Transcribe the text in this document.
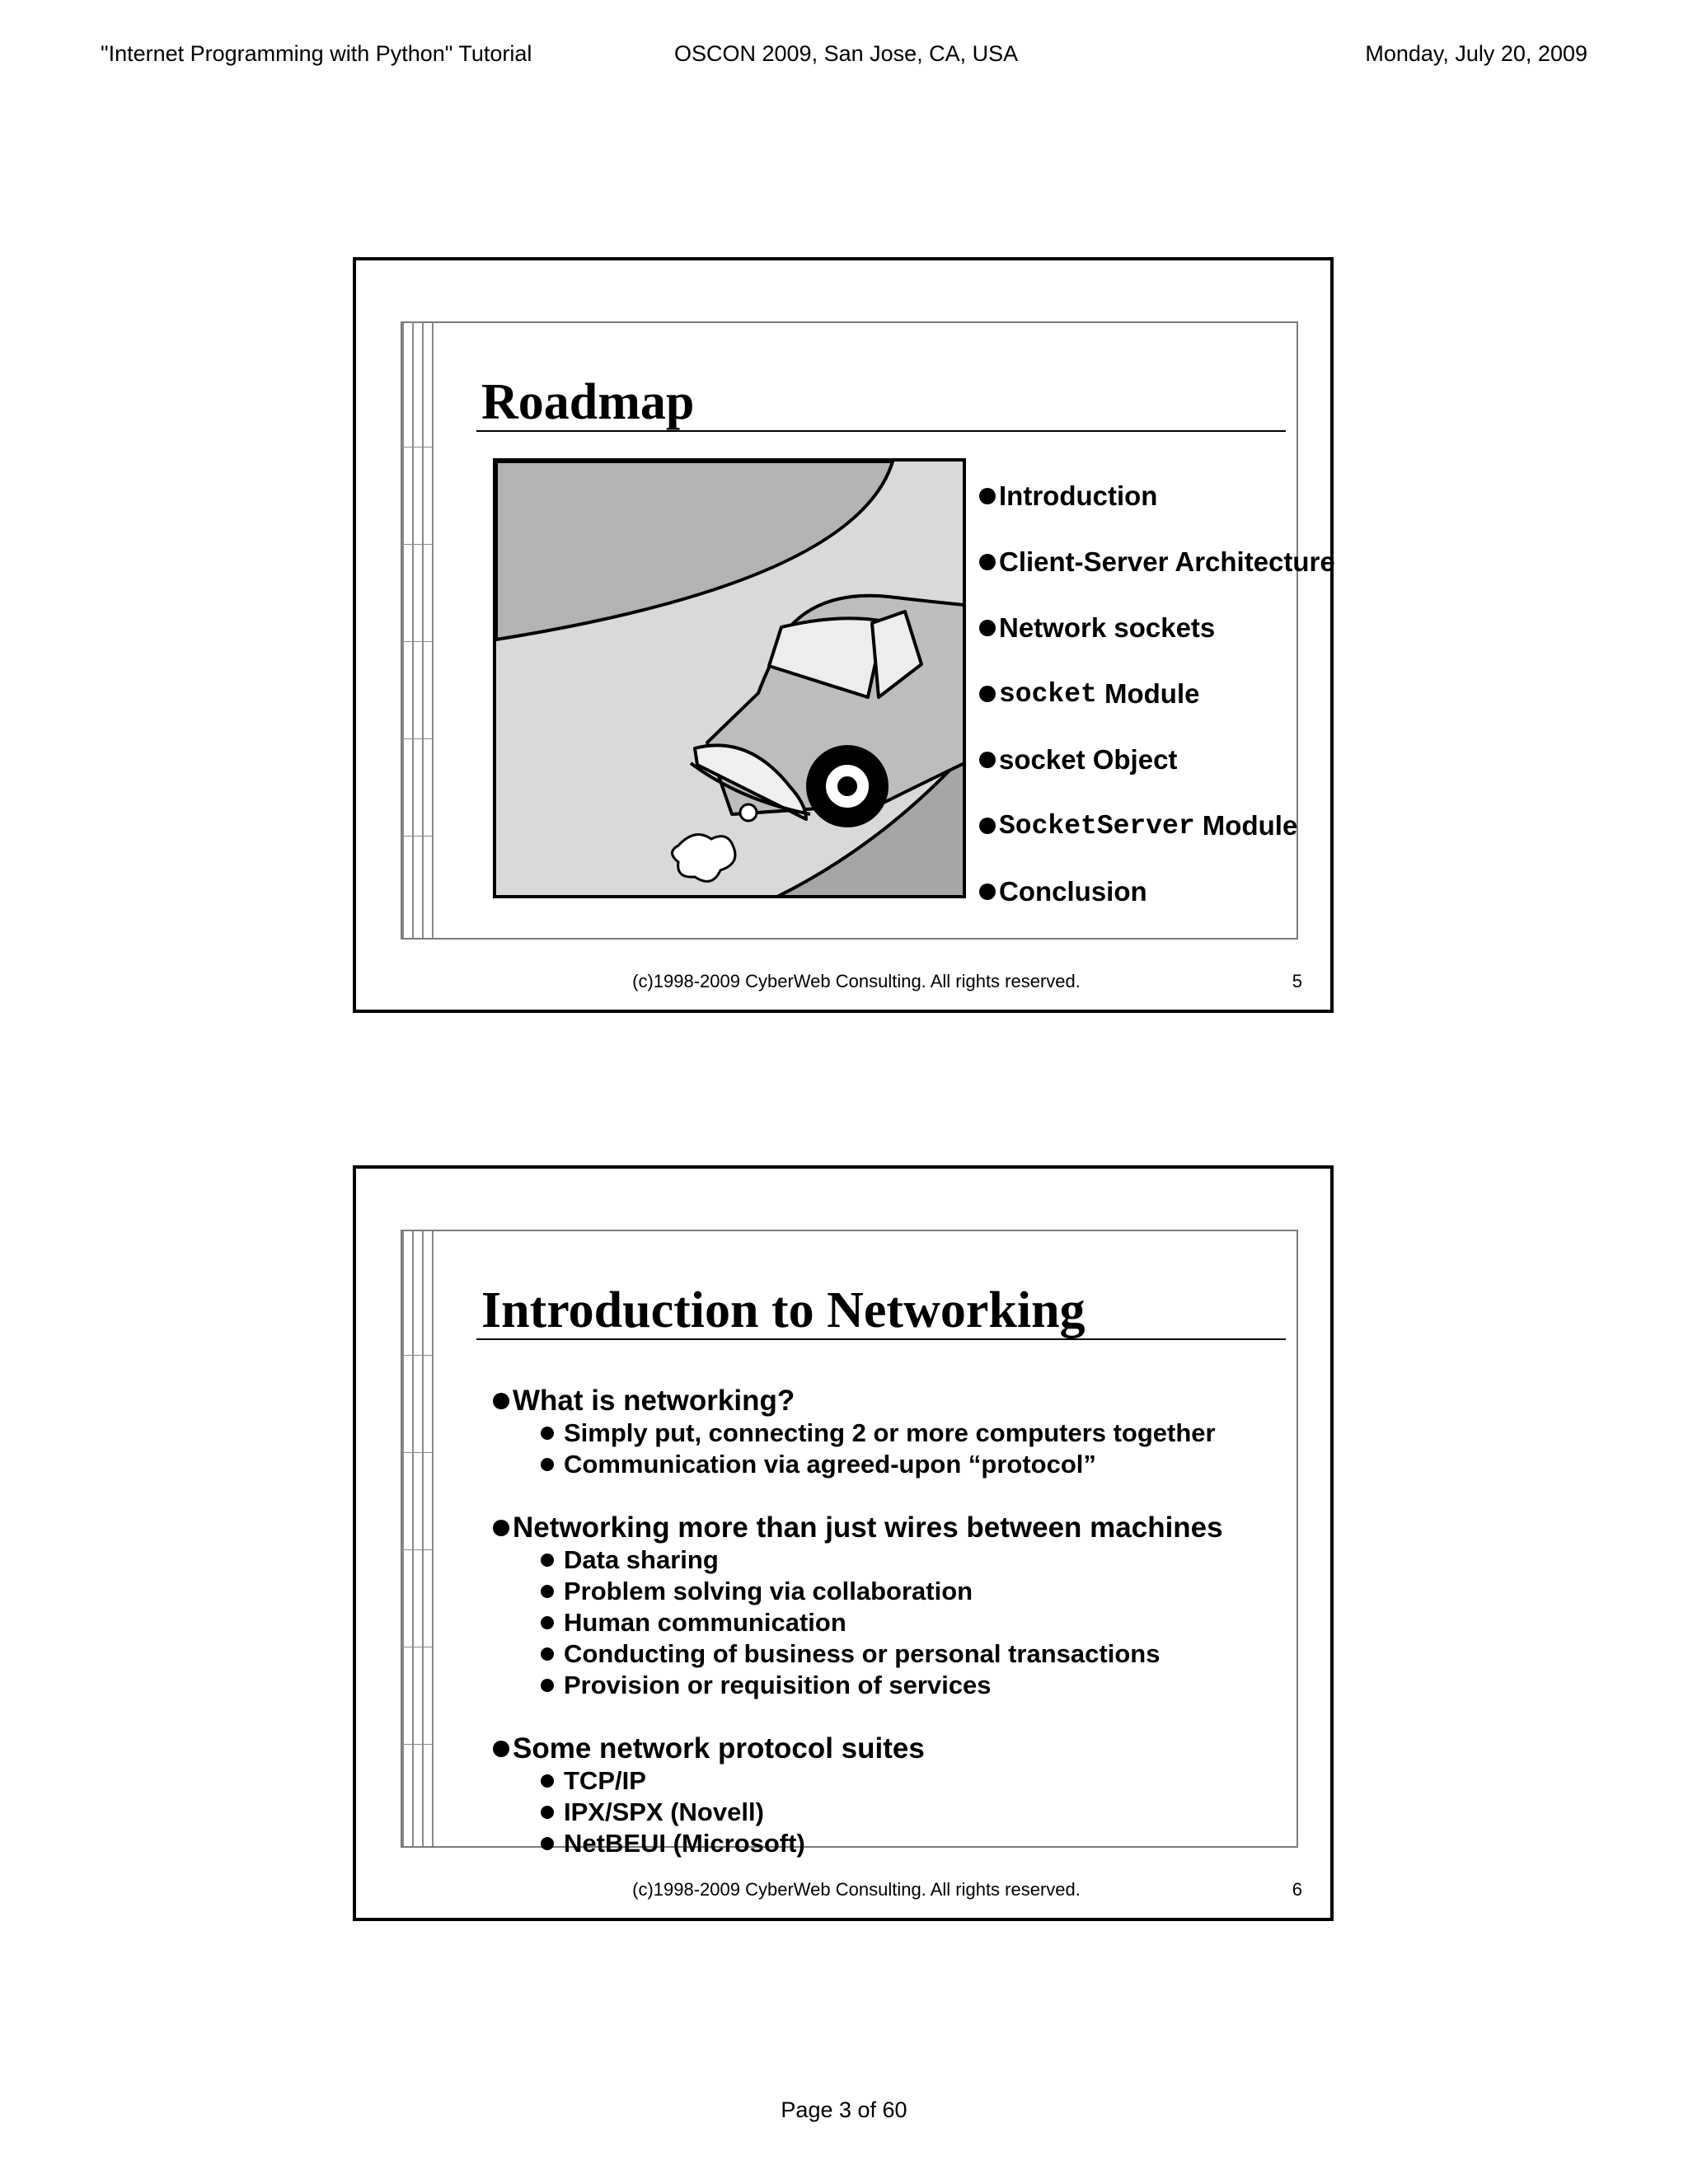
"Internet Programming with Python" Tutorial	OSCON 2009, San Jose, CA, USA	Monday, July 20, 2009
Roadmap
Introduction
Client-Server Architecture
Network sockets
socket Module
socket Object
SocketServer Module
Conclusion
(c)1998-2009 CyberWeb Consulting. All rights reserved.	5
Introduction to Networking
What is networking?
Simply put, connecting 2 or more computers together
Communication via agreed-upon “protocol”
Networking more than just wires between machines
Data sharing
Problem solving via collaboration
Human communication
Conducting of business or personal transactions
Provision or requisition of services
Some network protocol suites
TCP/IP
IPX/SPX (Novell)
NetBEUI (Microsoft)
(c)1998-2009 CyberWeb Consulting. All rights reserved.	6
Page 3 of 60
